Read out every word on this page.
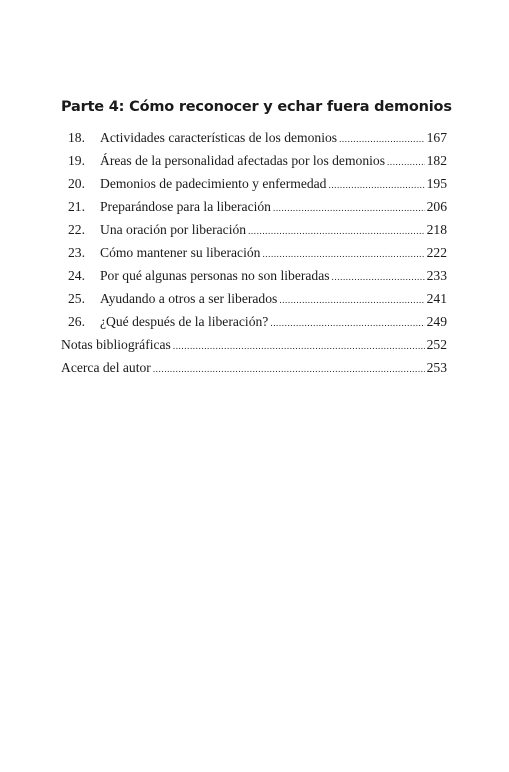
Parte 4: Cómo reconocer y echar fuera demonios
18.	Actividades características de los demonios .....	167
19.	Áreas de la personalidad afectadas por los demonios .....	182
20.	Demonios de padecimiento y enfermedad .....	195
21.	Preparándose para la liberación .....	206
22.	Una oración por liberación .....	218
23.	Cómo mantener su liberación .....	222
24.	Por qué algunas personas no son liberadas .....	233
25.	Ayudando a otros a ser liberados .....	241
26.	¿Qué después de la liberación? .....	249
Notas bibliográficas .....	252
Acerca del autor .....	253
